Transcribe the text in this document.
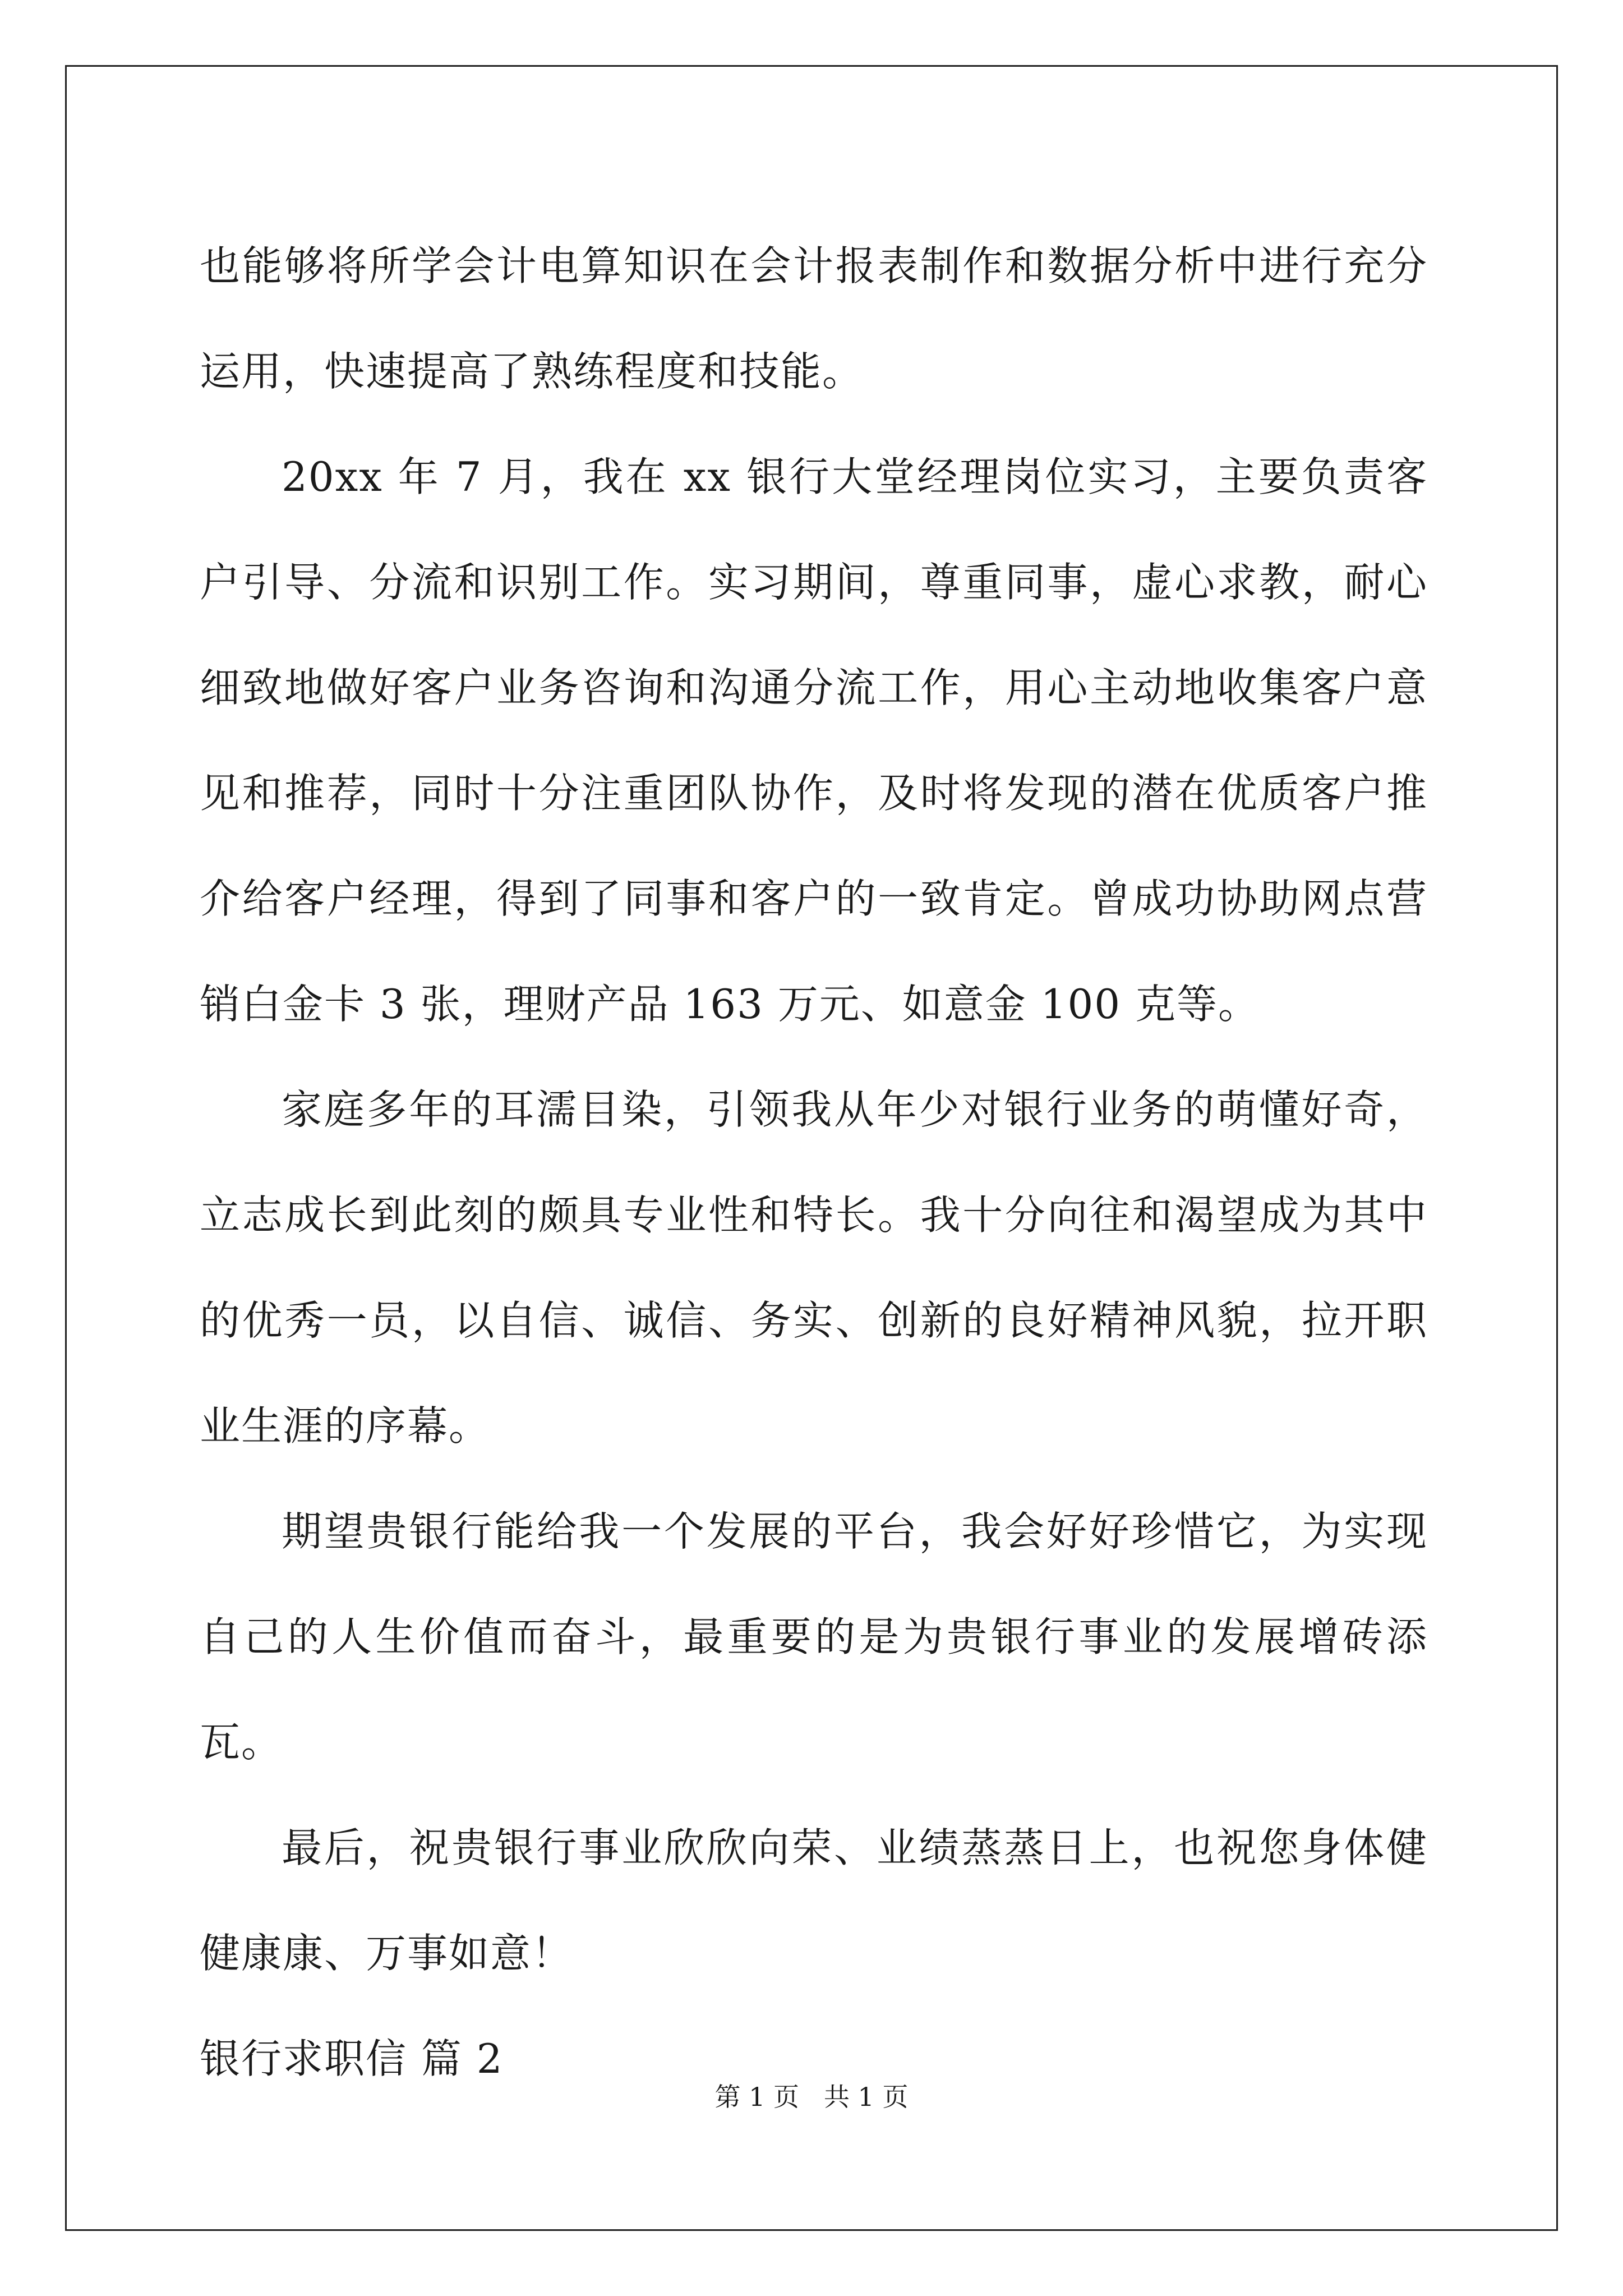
也能够将所学会计电算知识在会计报表制作和数据分析中进行充分运用，快速提高了熟练程度和技能。

20xx 年 7 月，我在 xx 银行大堂经理岗位实习，主要负责客户引导、分流和识别工作。实习期间，尊重同事，虚心求教，耐心细致地做好客户业务咨询和沟通分流工作，用心主动地收集客户意见和推荐，同时十分注重团队协作，及时将发现的潜在优质客户推介给客户经理，得到了同事和客户的一致肯定。曾成功协助网点营销白金卡 3 张，理财产品 163 万元、如意金 100 克等。

家庭多年的耳濡目染，引领我从年少对银行业务的萌懂好奇，立志成长到此刻的颇具专业性和特长。我十分向往和渴望成为其中的优秀一员，以自信、诚信、务实、创新的良好精神风貌，拉开职业生涯的序幕。

期望贵银行能给我一个发展的平台，我会好好珍惜它，为实现自己的人生价值而奋斗，最重要的是为贵银行事业的发展增砖添瓦。

最后，祝贵银行事业欣欣向荣、业绩蒸蒸日上，也祝您身体健健康康、万事如意！

银行求职信 篇 2

第 1 页 共 1 页
